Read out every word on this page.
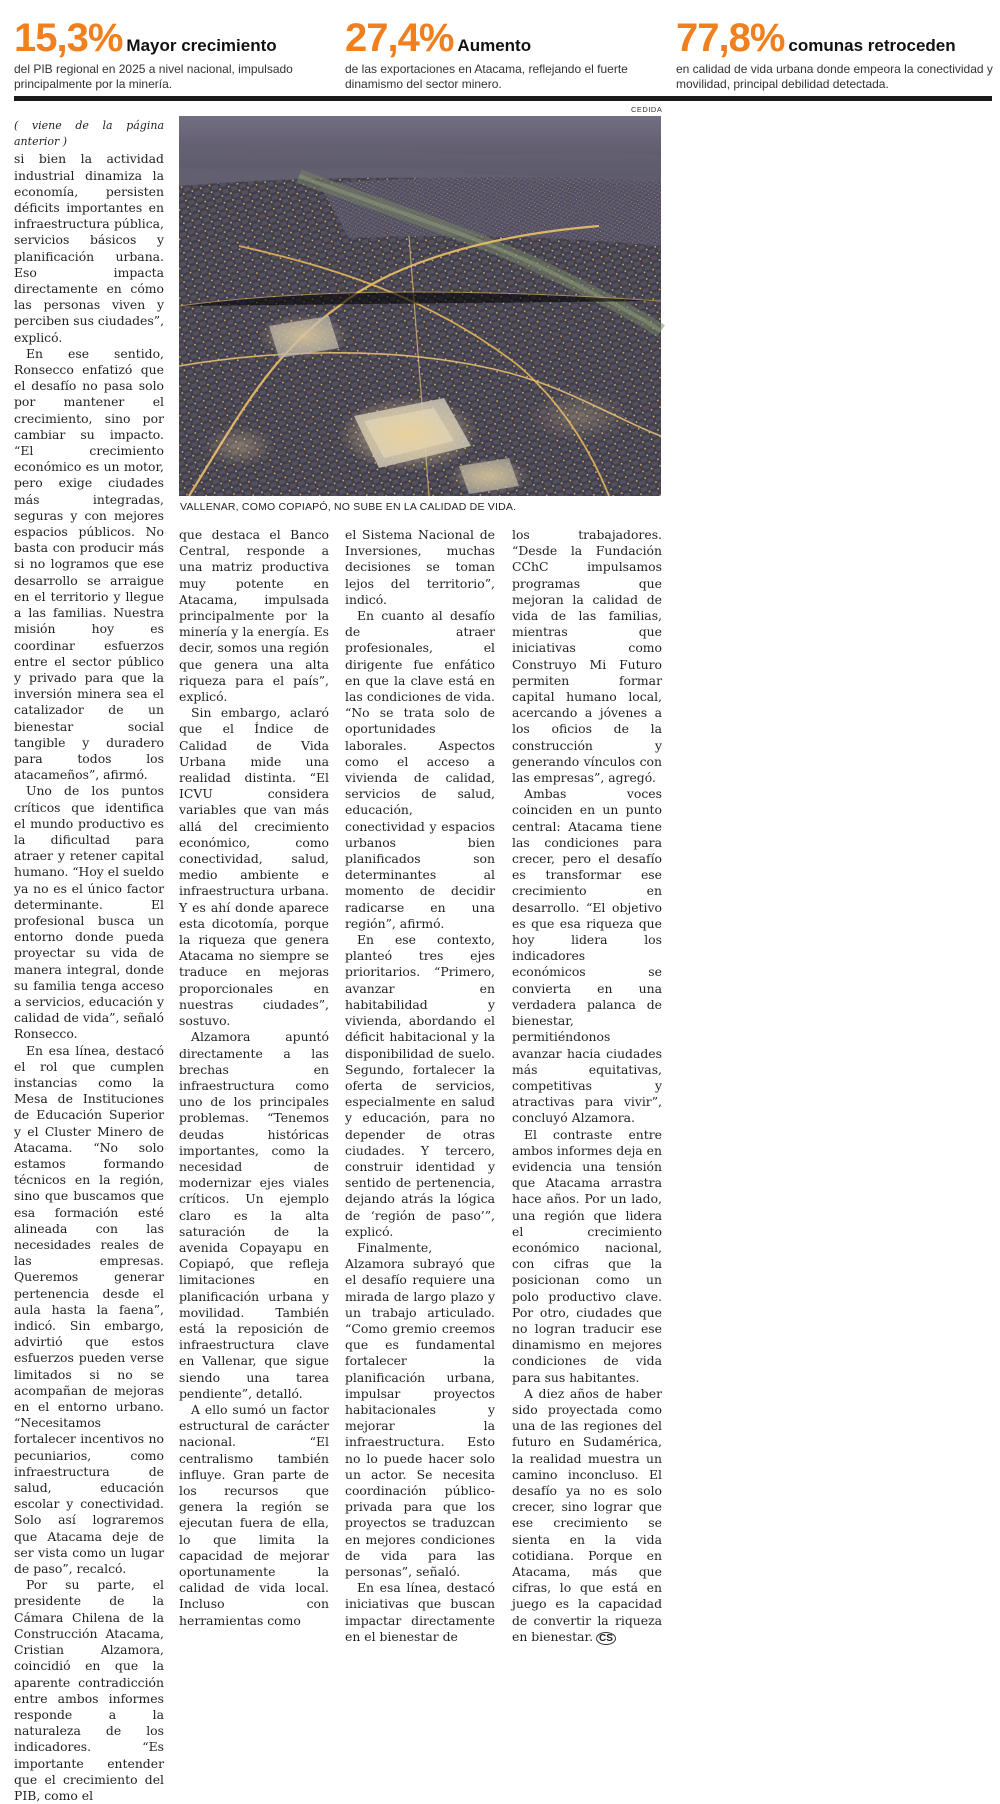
15,3% Mayor crecimiento
del PIB regional en 2025 a nivel nacional, impulsado principalmente por la minería.
27,4% Aumento
de las exportaciones en Atacama, reflejando el fuerte dinamismo del sector minero.
77,8% comunas retroceden
en calidad de vida urbana donde empeora la conectividad y movilidad, principal debilidad detectada.
CEDIDA
VALLENAR, COMO COPIAPÓ, NO SUBE EN LA CALIDAD DE VIDA.
( viene de la página anterior )

si bien la actividad industrial dinamiza la economía, persisten déficits importantes en infraestructura pública, servicios básicos y planificación urbana. Eso impacta directamente en cómo las personas viven y perciben sus ciudades”, explicó.

En ese sentido, Ronsecco enfatizó que el desafío no pasa solo por mantener el crecimiento, sino por cambiar su impacto. “El crecimiento económico es un motor, pero exige ciudades más integradas, seguras y con mejores espacios públicos. No basta con producir más si no logramos que ese desarrollo se arraigue en el territorio y llegue a las familias. Nuestra misión hoy es coordinar esfuerzos entre el sector público y privado para que la inversión minera sea el catalizador de un bienestar social tangible y duradero para todos los atacameños”, afirmó.

Uno de los puntos críticos que identifica el mundo productivo es la dificultad para atraer y retener capital humano. “Hoy el sueldo ya no es el único factor determinante. El profesional busca un entorno donde pueda proyectar su vida de manera integral, donde su familia tenga acceso a servicios, educación y calidad de vida”, señaló Ronsecco.

En esa línea, destacó el rol que cumplen instancias como la Mesa de Instituciones de Educación Superior y el Cluster Minero de Atacama. “No solo estamos formando técnicos en la región, sino que buscamos que esa formación esté alineada con las necesidades reales de las empresas. Queremos generar pertenencia desde el aula hasta la faena”, indicó. Sin embargo, advirtió que estos esfuerzos pueden verse limitados si no se acompañan de mejoras en el entorno urbano. “Necesitamos fortalecer incentivos no pecuniarios, como infraestructura de salud, educación escolar y conectividad. Solo así lograremos que Atacama deje de ser vista como un lugar de paso”, recalcó.

Por su parte, el presidente de la Cámara Chilena de la Construcción Atacama, Cristian Alzamora, coincidió en que la aparente contradicción entre ambos informes responde a la naturaleza de los indicadores. “Es importante entender que el crecimiento del PIB, como el

que destaca el Banco Central, responde a una matriz productiva muy potente en Atacama, impulsada principalmente por la minería y la energía. Es decir, somos una región que genera una alta riqueza para el país”, explicó.

Sin embargo, aclaró que el Índice de Calidad de Vida Urbana mide una realidad distinta. “El ICVU considera variables que van más allá del crecimiento económico, como conectividad, salud, medio ambiente e infraestructura urbana. Y es ahí donde aparece esta dicotomía, porque la riqueza que genera Atacama no siempre se traduce en mejoras proporcionales en nuestras ciudades”, sostuvo.

Alzamora apuntó directamente a las brechas en infraestructura como uno de los principales problemas. “Tenemos deudas históricas importantes, como la necesidad de modernizar ejes viales críticos. Un ejemplo claro es la alta saturación de la avenida Copayapu en Copiapó, que refleja limitaciones en planificación urbana y movilidad. También está la reposición de infraestructura clave en Vallenar, que sigue siendo una tarea pendiente”, detalló.

A ello sumó un factor estructural de carácter nacional. “El centralismo también influye. Gran parte de los recursos que genera la región se ejecutan fuera de ella, lo que limita la capacidad de mejorar oportunamente la calidad de vida local. Incluso con herramientas como

el Sistema Nacional de Inversiones, muchas decisiones se toman lejos del territorio”, indicó.

En cuanto al desafío de atraer profesionales, el dirigente fue enfático en que la clave está en las condiciones de vida. “No se trata solo de oportunidades laborales. Aspectos como el acceso a vivienda de calidad, servicios de salud, educación, conectividad y espacios urbanos bien planificados son determinantes al momento de decidir radicarse en una región”, afirmó.

En ese contexto, planteó tres ejes prioritarios. “Primero, avanzar en habitabilidad y vivienda, abordando el déficit habitacional y la disponibilidad de suelo. Segundo, fortalecer la oferta de servicios, especialmente en salud y educación, para no depender de otras ciudades. Y tercero, construir identidad y sentido de pertenencia, dejando atrás la lógica de ‘región de paso’”, explicó.

Finalmente, Alzamora subrayó que el desafío requiere una mirada de largo plazo y un trabajo articulado. “Como gremio creemos que es fundamental fortalecer la planificación urbana, impulsar proyectos habitacionales y mejorar la infraestructura. Esto no lo puede hacer solo un actor. Se necesita coordinación público-privada para que los proyectos se traduzcan en mejores condiciones de vida para las personas”, señaló.

En esa línea, destacó iniciativas que buscan impactar directamente en el bienestar de

los trabajadores. “Desde la Fundación CChC impulsamos programas que mejoran la calidad de vida de las familias, mientras que iniciativas como Construyo Mi Futuro permiten formar capital humano local, acercando a jóvenes a los oficios de la construcción y generando vínculos con las empresas”, agregó.

Ambas voces coinciden en un punto central: Atacama tiene las condiciones para crecer, pero el desafío es transformar ese crecimiento en desarrollo. “El objetivo es que esa riqueza que hoy lidera los indicadores económicos se convierta en una verdadera palanca de bienestar, permitiéndonos avanzar hacia ciudades más equitativas, competitivas y atractivas para vivir”, concluyó Alzamora.

El contraste entre ambos informes deja en evidencia una tensión que Atacama arrastra hace años. Por un lado, una región que lidera el crecimiento económico nacional, con cifras que la posicionan como un polo productivo clave. Por otro, ciudades que no logran traducir ese dinamismo en mejores condiciones de vida para sus habitantes.

A diez años de haber sido proyectada como una de las regiones del futuro en Sudamérica, la realidad muestra un camino inconcluso. El desafío ya no es solo crecer, sino lograr que ese crecimiento se sienta en la vida cotidiana. Porque en Atacama, más que cifras, lo que está en juego es la capacidad de convertir la riqueza en bienestar. CS
